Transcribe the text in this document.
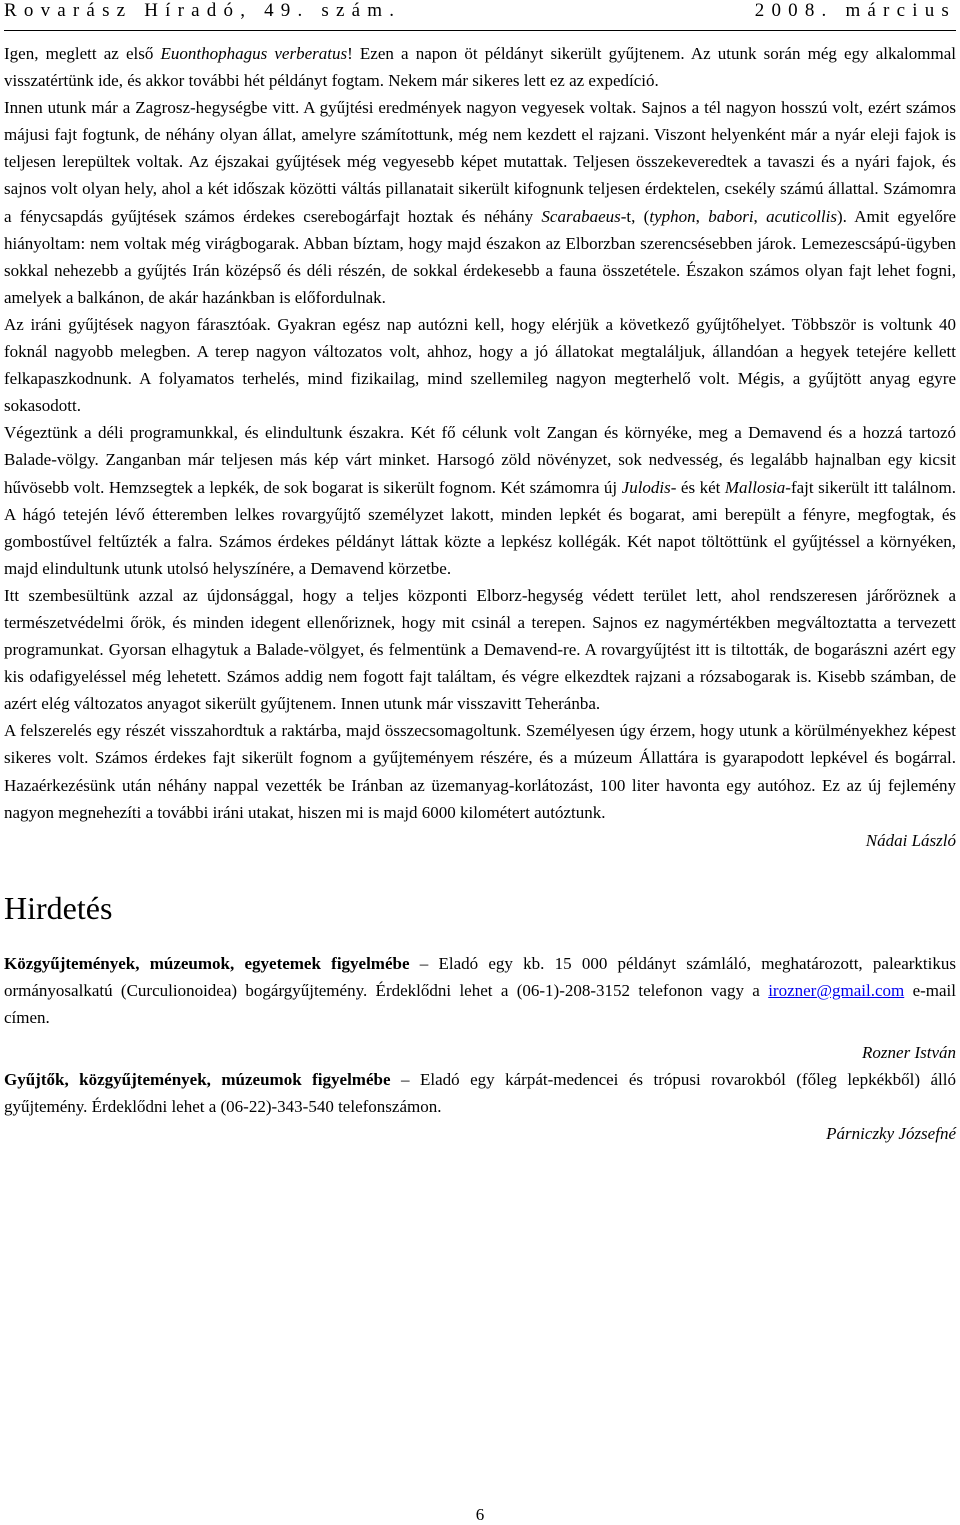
Rovarász Híradó, 49. szám.	2008. március

Igen, meglett az első Euonthophagus verberatus! Ezen a napon öt példányt sikerült gyűjtenem. Az utunk során még egy alkalommal visszatértünk ide, és akkor további hét példányt fogtam. Nekem már sikeres lett ez az expedíció.

Innen utunk már a Zagrosz-hegységbe vitt. A gyűjtési eredmények nagyon vegyesek voltak. Sajnos a tél nagyon hosszú volt, ezért számos májusi fajt fogtunk, de néhány olyan állat, amelyre számítottunk, még nem kezdett el rajzani. Viszont helyenként már a nyár eleji fajok is teljesen lerepültek voltak. Az éjszakai gyűjtések még vegyesebb képet mutattak. Teljesen összekeveredtek a tavaszi és a nyári fajok, és sajnos volt olyan hely, ahol a két időszak közötti váltás pillanatait sikerült kifognunk teljesen érdektelen, csekély számú állattal. Számomra a fénycsapdás gyűjtések számos érdekes cserebogárfajt hoztak és néhány Scarabaeus-t, (typhon, babori, acuticollis). Amit egyelőre hiányoltam: nem voltak még virágbogarak. Abban bíztam, hogy majd északon az Elborzban szerencsésebben járok. Lemezescsápú-ügyben sokkal nehezebb a gyűjtés Irán középső és déli részén, de sokkal érdekesebb a fauna összetétele. Északon számos olyan fajt lehet fogni, amelyek a balkánon, de akár hazánkban is előfordulnak.

Az iráni gyűjtések nagyon fárasztóak. Gyakran egész nap autózni kell, hogy elérjük a következő gyűjtőhelyet. Többször is voltunk 40 foknál nagyobb melegben. A terep nagyon változatos volt, ahhoz, hogy a jó állatokat megtaláljuk, állandóan a hegyek tetejére kellett felkapaszkodnunk. A folyamatos terhelés, mind fizikailag, mind szellemileg nagyon megterhelő volt. Mégis, a gyűjtött anyag egyre sokasodott.

Végeztünk a déli programunkkal, és elindultunk északra. Két fő célunk volt Zangan és környéke, meg a Demavend és a hozzá tartozó Balade-völgy. Zanganban már teljesen más kép várt minket. Harsogó zöld növényzet, sok nedvesség, és legalább hajnalban egy kicsit hűvösebb volt. Hemzsegtek a lepkék, de sok bogarat is sikerült fognom. Két számomra új Julodis- és két Mallosia-fajt sikerült itt találnom. A hágó tetején lévő étteremben lelkes rovargyűjtő személyzet lakott, minden lepkét és bogarat, ami berepült a fényre, megfogtak, és gombostűvel feltűzték a falra. Számos érdekes példányt láttak közte a lepkész kollégák. Két napot töltöttünk el gyűjtéssel a környéken, majd elindultunk utunk utolsó helyszínére, a Demavend körzetbe.

Itt szembesültünk azzal az újdonsággal, hogy a teljes központi Elborz-hegység védett terület lett, ahol rendszeresen járőröznek a természetvédelmi őrök, és minden idegent ellenőriznek, hogy mit csinál a terepen. Sajnos ez nagymértékben megváltoztatta a tervezett programunkat. Gyorsan elhagytuk a Balade-völgyet, és felmentünk a Demavend-re. A rovargyűjtést itt is tiltották, de bogarászni azért egy kis odafigyeléssel még lehetett. Számos addig nem fogott fajt találtam, és végre elkezdtek rajzani a rózsabogarak is. Kisebb számban, de azért elég változatos anyagot sikerült gyűjtenem. Innen utunk már visszavitt Teheránba.

A felszerelés egy részét visszahordtuk a raktárba, majd összecsomagoltunk. Személyesen úgy érzem, hogy utunk a körülményekhez képest sikeres volt. Számos érdekes fajt sikerült fognom a gyűjteményem részére, és a múzeum Állattára is gyarapodott lepkével és bogárral. Hazaérkezésünk után néhány nappal vezették be Iránban az üzemanyag-korlátozást, 100 liter havonta egy autóhoz. Ez az új fejlemény nagyon megnehezíti a további iráni utakat, hiszen mi is majd 6000 kilométert autóztunk.

Nádai László

Hirdetés

Közgyűjtemények, múzeumok, egyetemek figyelmébe – Eladó egy kb. 15 000 példányt számláló, meghatározott, palearktikus ormányosalkatú (Curculionoidea) bogárgyűjtemény. Érdeklődni lehet a (06-1)-208-3152 telefonon vagy a irozner@gmail.com e-mail címen.

Rozner István

Gyűjtők, közgyűjtemények, múzeumok figyelmébe – Eladó egy kárpát-medencei és trópusi rovarokból (főleg lepkékből) álló gyűjtemény. Érdeklődni lehet a (06-22)-343-540 telefonszámon.

Párniczky Józsefné

6
